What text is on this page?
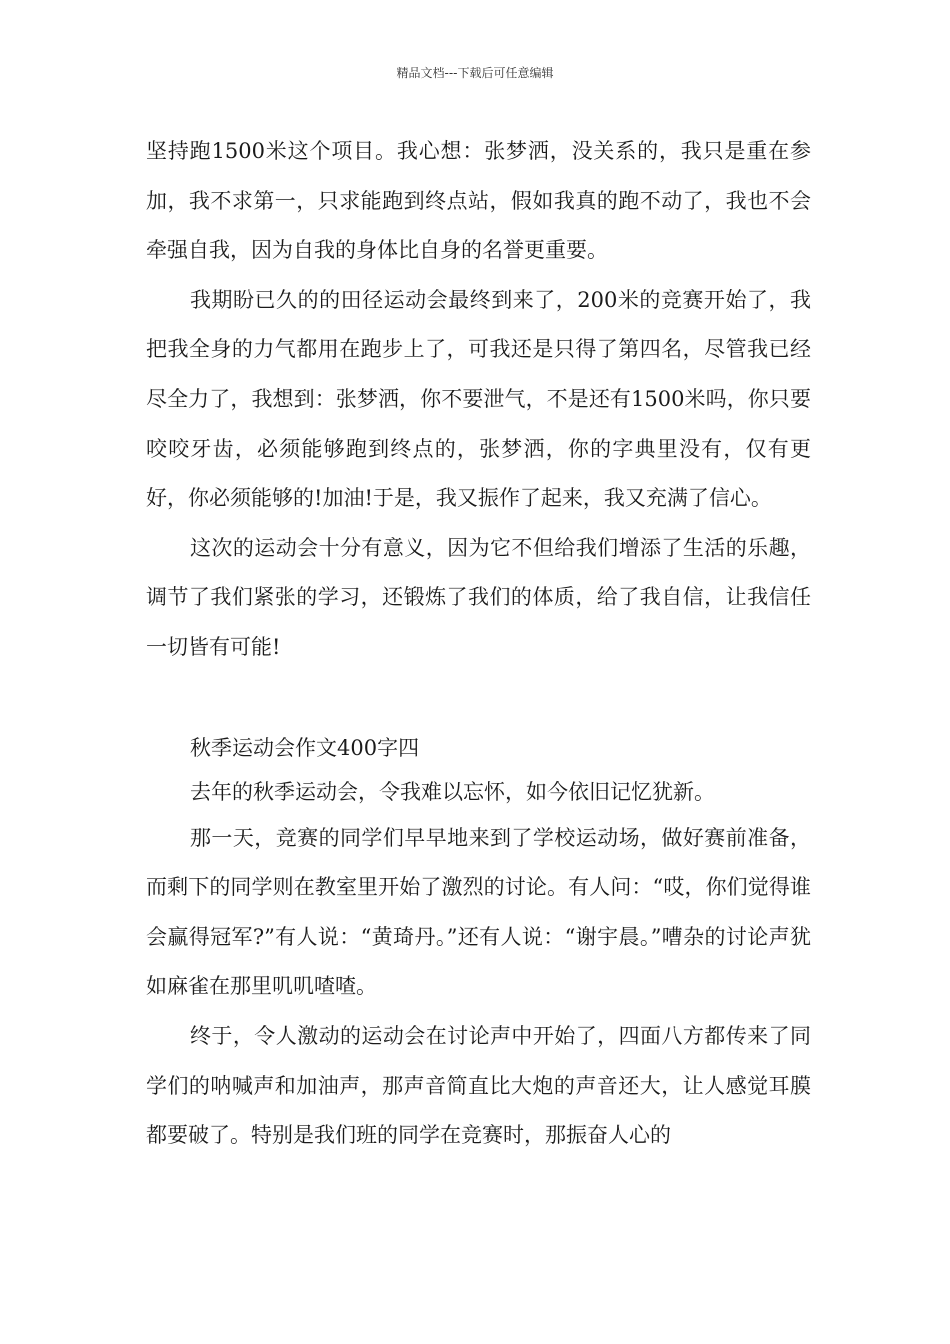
精品文档---下载后可任意编辑

坚持跑1500米这个项目。我心想：张梦洒，没关系的，我只是重在参加，我不求第一，只求能跑到终点站，假如我真的跑不动了，我也不会牵强自我，因为自我的身体比自身的名誉更重要。

我期盼已久的的田径运动会最终到来了，200米的竞赛开始了，我把我全身的力气都用在跑步上了，可我还是只得了第四名，尽管我已经尽全力了，我想到：张梦洒，你不要泄气，不是还有1500米吗，你只要咬咬牙齿，必须能够跑到终点的，张梦洒，你的字典里没有，仅有更好，你必须能够的!加油!于是，我又振作了起来，我又充满了信心。

这次的运动会十分有意义，因为它不但给我们增添了生活的乐趣，调节了我们紧张的学习，还锻炼了我们的体质，给了我自信，让我信任一切皆有可能!

秋季运动会作文400字四

去年的秋季运动会，令我难以忘怀，如今依旧记忆犹新。

那一天，竞赛的同学们早早地来到了学校运动场，做好赛前准备，而剩下的同学则在教室里开始了激烈的讨论。有人问：“哎，你们觉得谁会赢得冠军?”有人说：“黄琦丹。”还有人说：“谢宇晨。”嘈杂的讨论声犹如麻雀在那里叽叽喳喳。

终于，令人激动的运动会在讨论声中开始了，四面八方都传来了同学们的呐喊声和加油声，那声音简直比大炮的声音还大，让人感觉耳膜都要破了。特别是我们班的同学在竞赛时，那振奋人心的
